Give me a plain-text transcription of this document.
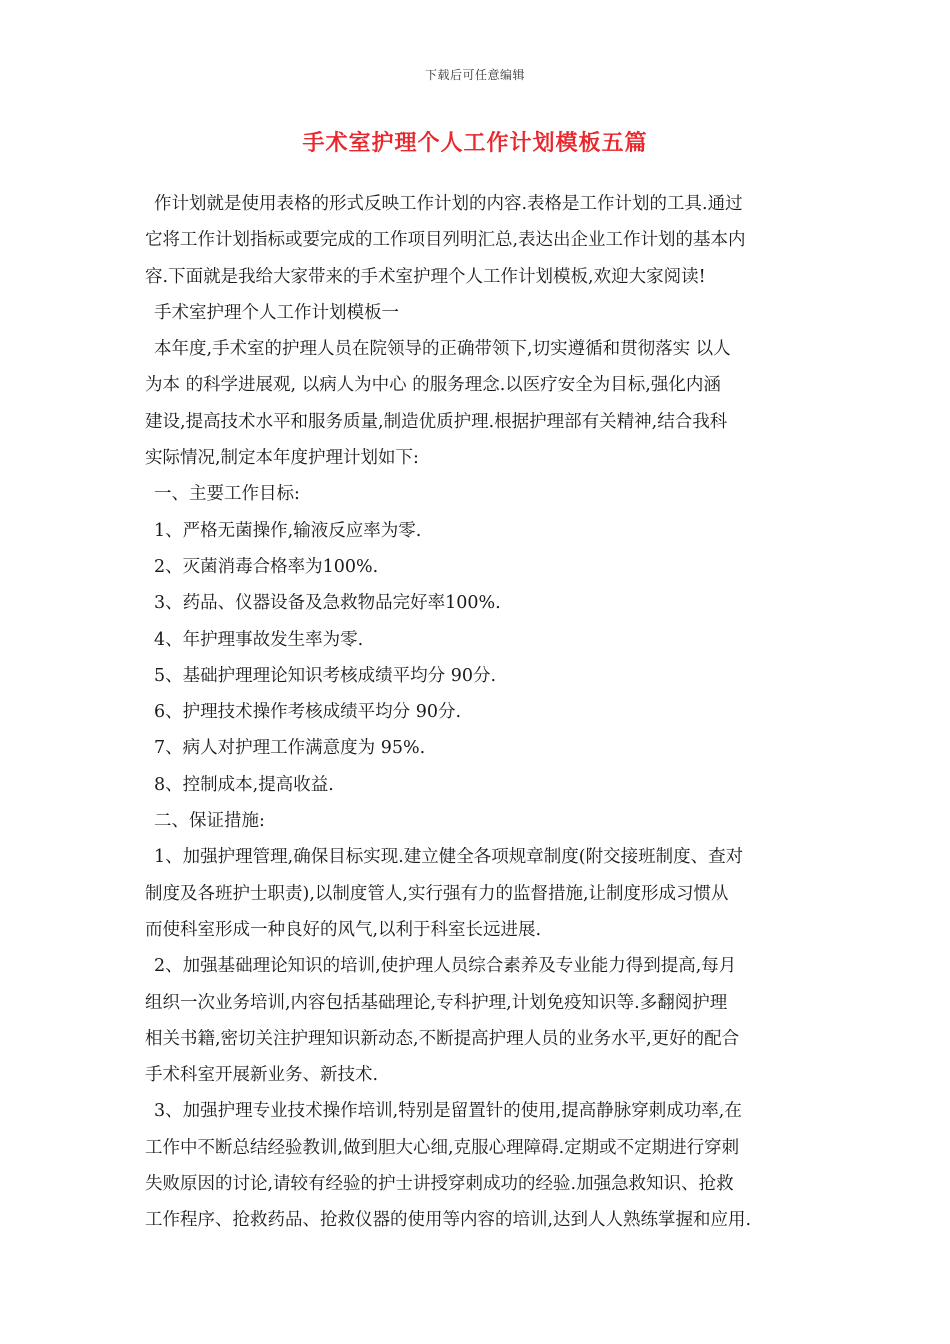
下载后可任意编辑
手术室护理个人工作计划模板五篇
作计划就是使用表格的形式反映工作计划的内容.表格是工作计划的工具.通过
它将工作计划指标或要完成的工作项目列明汇总,表达出企业工作计划的基本内
容.下面就是我给大家带来的手术室护理个人工作计划模板,欢迎大家阅读!
手术室护理个人工作计划模板一
本年度,手术室的护理人员在院领导的正确带领下,切实遵循和贯彻落实 以人
为本 的科学进展观, 以病人为中心 的服务理念.以医疗安全为目标,强化内涵
建设,提高技术水平和服务质量,制造优质护理.根据护理部有关精神,结合我科
实际情况,制定本年度护理计划如下:
一、主要工作目标:
1、严格无菌操作,输液反应率为零.
2、灭菌消毒合格率为100%.
3、药品、仪器设备及急救物品完好率100%.
4、年护理事故发生率为零.
5、基础护理理论知识考核成绩平均分 90分.
6、护理技术操作考核成绩平均分 90分.
7、病人对护理工作满意度为 95%.
8、控制成本,提高收益.
二、保证措施:
1、加强护理管理,确保目标实现.建立健全各项规章制度(附交接班制度、查对
制度及各班护士职责),以制度管人,实行强有力的监督措施,让制度形成习惯从
而使科室形成一种良好的风气,以利于科室长远进展.
2、加强基础理论知识的培训,使护理人员综合素养及专业能力得到提高,每月
组织一次业务培训,内容包括基础理论,专科护理,计划免疫知识等.多翻阅护理
相关书籍,密切关注护理知识新动态,不断提高护理人员的业务水平,更好的配合
手术科室开展新业务、新技术.
3、加强护理专业技术操作培训,特别是留置针的使用,提高静脉穿刺成功率,在
工作中不断总结经验教训,做到胆大心细,克服心理障碍.定期或不定期进行穿刺
失败原因的讨论,请较有经验的护士讲授穿刺成功的经验.加强急救知识、抢救
工作程序、抢救药品、抢救仪器的使用等内容的培训,达到人人熟练掌握和应用.
